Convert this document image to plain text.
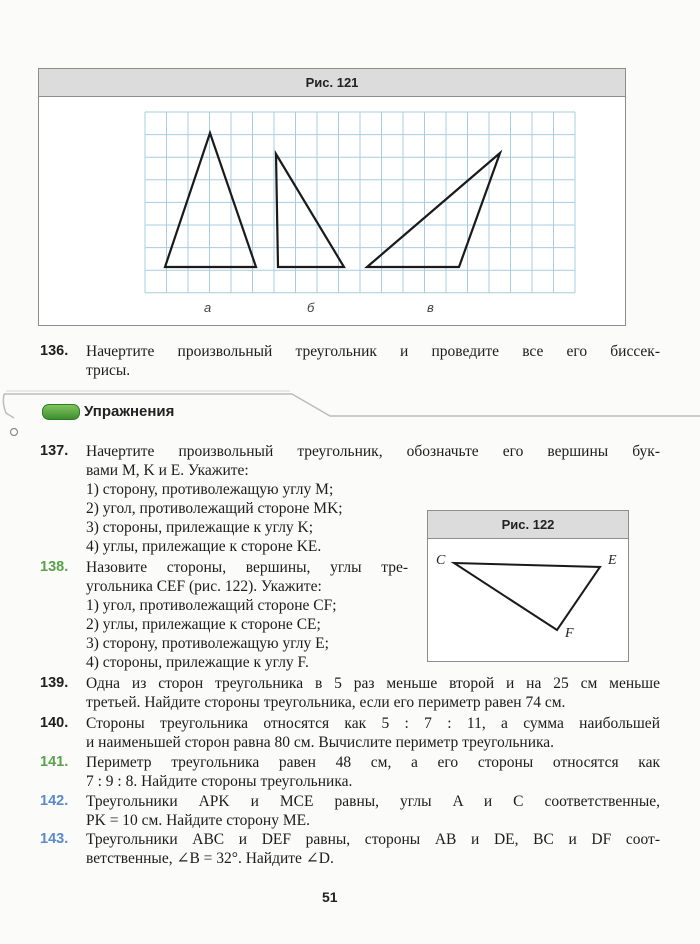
Рис. 121
а	б	в
136. Начертите произвольный треугольник и проведите все его биссек-
трисы.
Упражнения
137. Начертите произвольный треугольник, обозначьте его вершины бук-
вами M, K и E. Укажите:
1) сторону, противолежащую углу M;
2) угол, противолежащий стороне MK;
3) стороны, прилежащие к углу K;
4) углы, прилежащие к стороне KE.
Рис. 122
C	E
F
138. Назовите стороны, вершины, углы тре-
угольника CEF (рис. 122). Укажите:
1) угол, противолежащий стороне CF;
2) углы, прилежащие к стороне CE;
3) сторону, противолежащую углу E;
4) стороны, прилежащие к углу F.
139. Одна из сторон треугольника в 5 раз меньше второй и на 25 см меньше
третьей. Найдите стороны треугольника, если его периметр равен 74 см.
140. Стороны треугольника относятся как 5 : 7 : 11, а сумма наибольшей
и наименьшей сторон равна 80 см. Вычислите периметр треугольника.
141. Периметр треугольника равен 48 см, а его стороны относятся как
7 : 9 : 8. Найдите стороны треугольника.
142. Треугольники APK и MCE равны, углы A и C соответственные,
PK = 10 см. Найдите сторону ME.
143. Треугольники ABC и DEF равны, стороны AB и DE, BC и DF соот-
ветственные, ∠B = 32°. Найдите ∠D.
51
